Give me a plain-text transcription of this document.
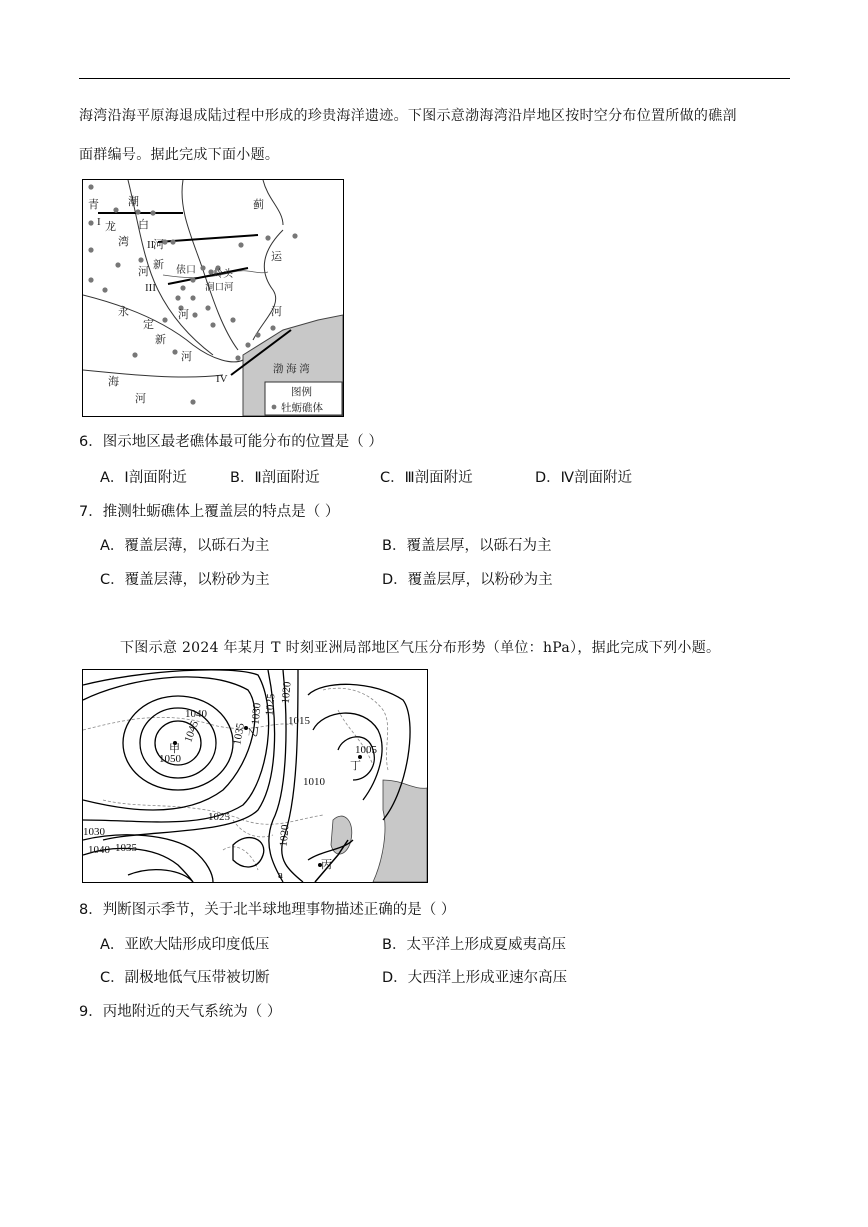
海湾沿海平原海退成陆过程中形成的珍贵海洋遗迹。下图示意渤海湾沿岸地区按时空分布位置所做的礁剖
面群编号。据此完成下面小题。
青
龙
湾
河
潮
白
河
新
河
蓟
运
河
永
定
新
河
海
河
I
II
III
IV
俵口 岭头
涧口河
渤 海 湾
图例
牡蛎礁体
6．图示地区最老礁体最可能分布的位置是（ ）
A．Ⅰ剖面附近	B．Ⅱ剖面附近	C．Ⅲ剖面附近	D．Ⅳ剖面附近
7．推测牡蛎礁体上覆盖层的特点是（ ）
A．覆盖层薄，以砾石为主	B．覆盖层厚，以砾石为主
C．覆盖层薄，以粉砂为主	D．覆盖层厚，以粉砂为主
下图示意 2024 年某月 T 时刻亚洲局部地区气压分布形势（单位：hPa），据此完成下列小题。
1040
1045
1050
甲
1035
1030 1025
1020
1015
1005
1010
丁
1025
1020
1030
1040 1035
乙
丙
a
8．判断图示季节，关于北半球地理事物描述正确的是（ ）
A．亚欧大陆形成印度低压	B．太平洋上形成夏威夷高压
C．副极地低气压带被切断	D．大西洋上形成亚速尔高压
9．丙地附近的天气系统为（ ）
